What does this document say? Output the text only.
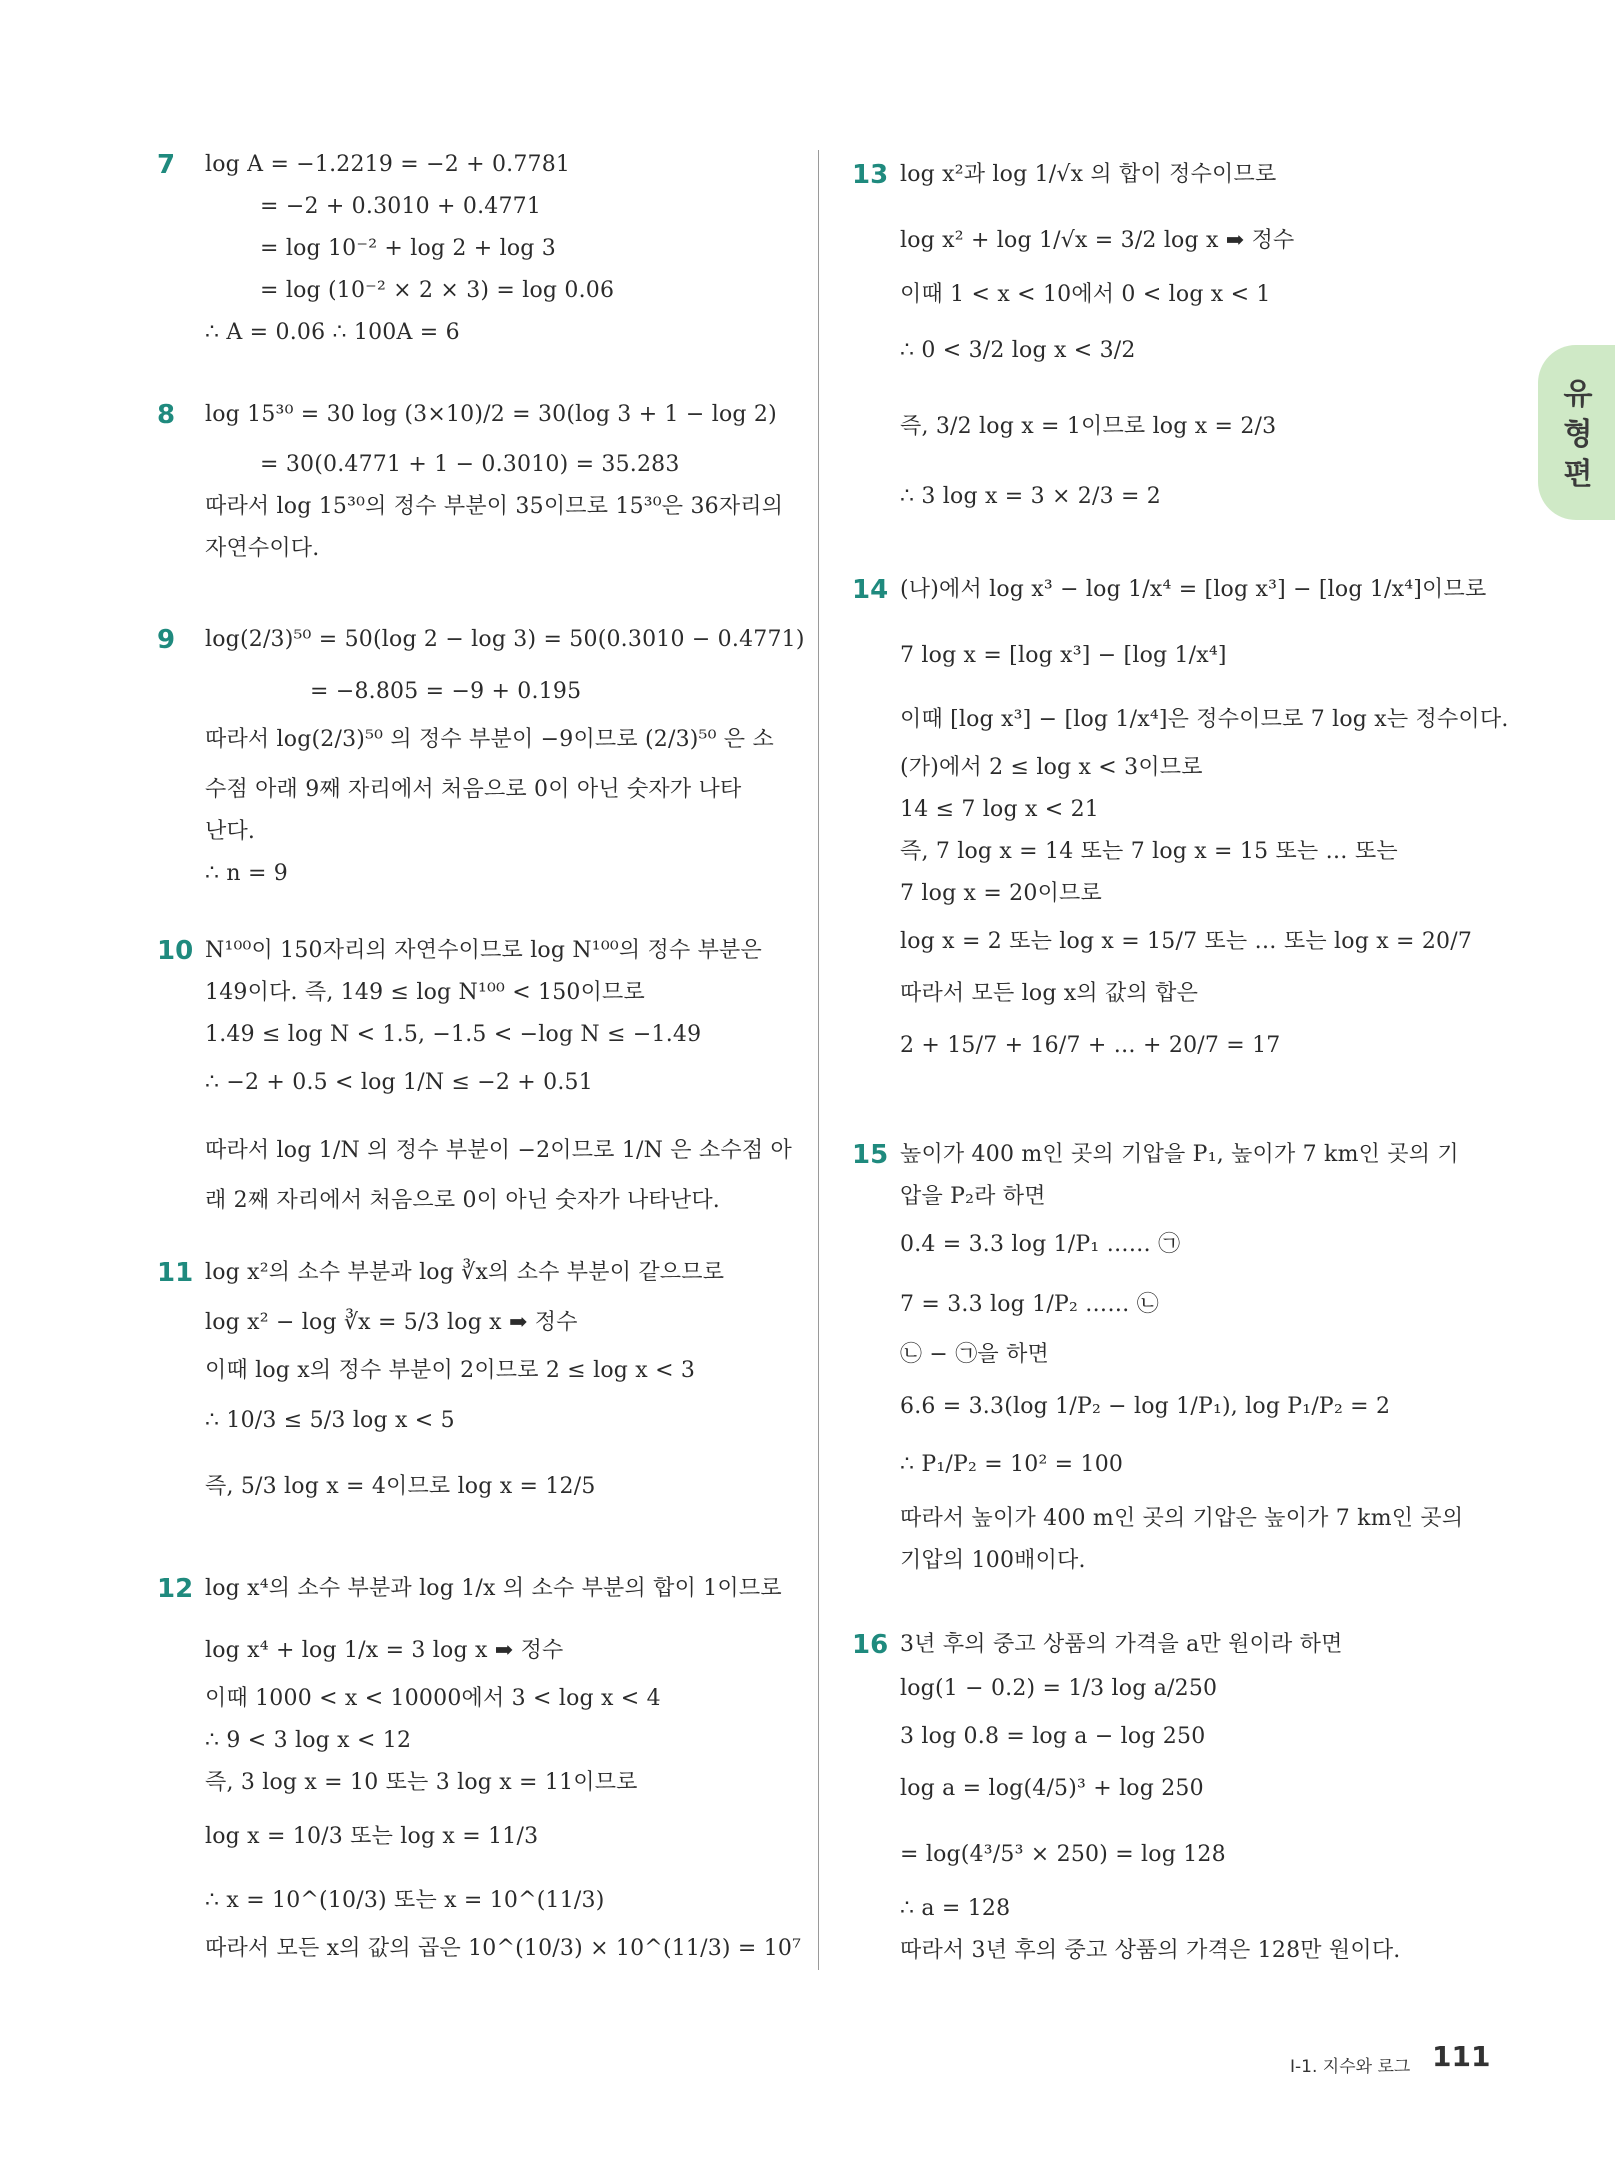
7 log A = −1.2219 = −2 + 0.7781
= −2 + 0.3010 + 0.4771
= log 10⁻² + log 2 + log 3
= log (10⁻² × 2 × 3) = log 0.06
∴ A = 0.06 ∴ 100A = 6
8 log 15³⁰ = 30 log (3×10)/2 = 30(log 3 + 1 − log 2)
= 30(0.4771 + 1 − 0.3010) = 35.283
따라서 log 15³⁰의 정수 부분이 35이므로 15³⁰은 36자리의
자연수이다.
9 log(2/3)⁵⁰ = 50(log 2 − log 3) = 50(0.3010 − 0.4771)
= −8.805 = −9 + 0.195
따라서 log(2/3)⁵⁰ 의 정수 부분이 −9이므로 (2/3)⁵⁰ 은 소
수점 아래 9째 자리에서 처음으로 0이 아닌 숫자가 나타
난다.
∴ n = 9
10 N¹⁰⁰이 150자리의 자연수이므로 log N¹⁰⁰의 정수 부분은
149이다. 즉, 149 ≤ log N¹⁰⁰ < 150이므로
1.49 ≤ log N < 1.5, −1.5 < −log N ≤ −1.49
∴ −2 + 0.5 < log 1/N ≤ −2 + 0.51
따라서 log 1/N 의 정수 부분이 −2이므로 1/N 은 소수점 아
래 2째 자리에서 처음으로 0이 아닌 숫자가 나타난다.
11 log x²의 소수 부분과 log ∛x의 소수 부분이 같으므로
log x² − log ∛x = 5/3 log x ➡ 정수
이때 log x의 정수 부분이 2이므로 2 ≤ log x < 3
∴ 10/3 ≤ 5/3 log x < 5
즉, 5/3 log x = 4이므로 log x = 12/5
12 log x⁴의 소수 부분과 log 1/x 의 소수 부분의 합이 1이므로
log x⁴ + log 1/x = 3 log x ➡ 정수
이때 1000 < x < 10000에서 3 < log x < 4
∴ 9 < 3 log x < 12
즉, 3 log x = 10 또는 3 log x = 11이므로
log x = 10/3 또는 log x = 11/3
∴ x = 10^(10/3) 또는 x = 10^(11/3)
따라서 모든 x의 값의 곱은 10^(10/3) × 10^(11/3) = 10⁷
13 log x²과 log 1/√x 의 합이 정수이므로
log x² + log 1/√x = 3/2 log x ➡ 정수
이때 1 < x < 10에서 0 < log x < 1
∴ 0 < 3/2 log x < 3/2
즉, 3/2 log x = 1이므로 log x = 2/3
∴ 3 log x = 3 × 2/3 = 2
14 (나)에서 log x³ − log 1/x⁴ = [log x³] − [log 1/x⁴]이므로
7 log x = [log x³] − [log 1/x⁴]
이때 [log x³] − [log 1/x⁴]은 정수이므로 7 log x는 정수이다.
(가)에서 2 ≤ log x < 3이므로
14 ≤ 7 log x < 21
즉, 7 log x = 14 또는 7 log x = 15 또는 … 또는
7 log x = 20이므로
log x = 2 또는 log x = 15/7 또는 … 또는 log x = 20/7
따라서 모든 log x의 값의 합은
2 + 15/7 + 16/7 + … + 20/7 = 17
15 높이가 400 m인 곳의 기압을 P₁, 높이가 7 km인 곳의 기
압을 P₂라 하면
0.4 = 3.3 log 1/P₁ …… ㉠
7 = 3.3 log 1/P₂ …… ㉡
㉡ − ㉠을 하면
6.6 = 3.3(log 1/P₂ − log 1/P₁), log P₁/P₂ = 2
∴ P₁/P₂ = 10² = 100
따라서 높이가 400 m인 곳의 기압은 높이가 7 km인 곳의
기압의 100배이다.
16 3년 후의 중고 상품의 가격을 a만 원이라 하면
log(1 − 0.2) = 1/3 log a/250
3 log 0.8 = log a − log 250
log a = log(4/5)³ + log 250
= log(4³/5³ × 250) = log 128
∴ a = 128
따라서 3년 후의 중고 상품의 가격은 128만 원이다.
유형편
Ⅰ-1. 지수와 로그 111
